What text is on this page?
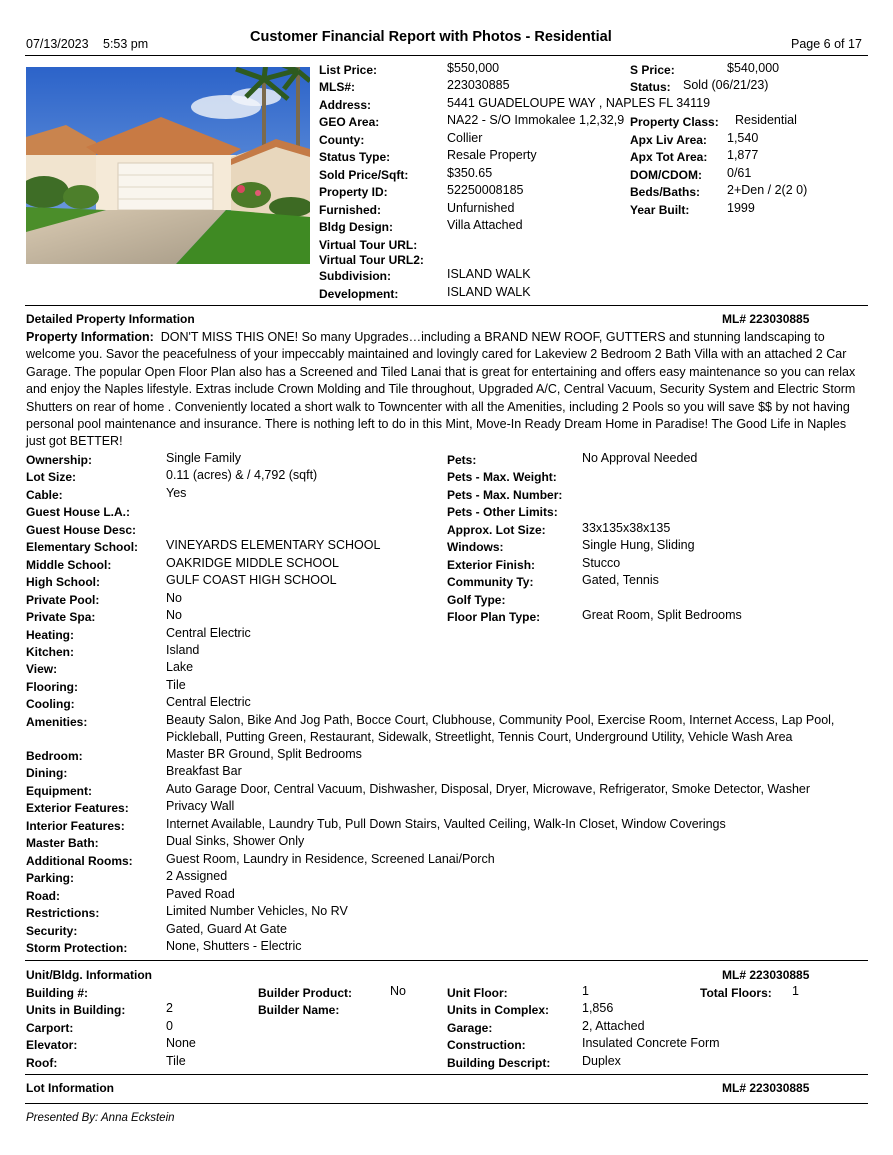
07/13/2023 5:53 pm	Customer Financial Report with Photos - Residential	Page 6 of 17
List Price:	$550,000
MLS#:	223030885
Address:	5441 GUADELOUPE WAY , NAPLES FL 34119
GEO Area:	NA22 - S/O Immokalee 1,2,32,9
County:	Collier
Status Type:	Resale Property
Sold Price/Sqft:	$350.65
Property ID:	52250008185
Furnished:	Unfurnished
Bldg Design:	Villa Attached
Virtual Tour URL:
Virtual Tour URL2:
Subdivision:	ISLAND WALK
Development:	ISLAND WALK
S Price:	$540,000
Status: Sold (06/21/23)
Property Class: Residential
Apx Liv Area: 1,540
Apx Tot Area: 1,877
DOM/CDOM: 0/61
Beds/Baths: 2+Den / 2(2 0)
Year Built:	1999
Detailed Property Information	ML# 223030885
Property Information: DON'T MISS THIS ONE! So many Upgrades…including a BRAND NEW ROOF, GUTTERS and stunning landscaping to welcome you. Savor the peacefulness of your impeccably maintained and lovingly cared for Lakeview 2 Bedroom 2 Bath Villa with an attached 2 Car Garage. The popular Open Floor Plan also has a Screened and Tiled Lanai that is great for entertaining and offers easy maintenance so you can relax and enjoy the Naples lifestyle. Extras include Crown Molding and Tile throughout, Upgraded A/C, Central Vacuum, Security System and Electric Storm Shutters on rear of home . Conveniently located a short walk to Towncenter with all the Amenities, including 2 Pools so you will save $$ by not having personal pool maintenance and insurance. There is nothing left to do in this Mint, Move-In Ready Dream Home in Paradise! The Good Life in Naples just got BETTER!
Ownership:	Single Family
Lot Size:	0.11 (acres) & / 4,792 (sqft)
Cable:	Yes
Guest House L.A.:
Guest House Desc:
Elementary School: VINEYARDS ELEMENTARY SCHOOL
Middle School:	OAKRIDGE MIDDLE SCHOOL
High School:	GULF COAST HIGH SCHOOL
Private Pool:	No
Private Spa:	No
Heating:	Central Electric
Kitchen:	Island
View:	Lake
Flooring:	Tile
Cooling:	Central Electric
Pets:	No Approval Needed
Pets - Max. Weight:
Pets - Max. Number:
Pets - Other Limits:
Approx. Lot Size:	33x135x38x135
Windows:	Single Hung, Sliding
Exterior Finish:	Stucco
Community Ty:	Gated, Tennis
Golf Type:
Floor Plan Type:	Great Room, Split Bedrooms
Amenities:	Beauty Salon, Bike And Jog Path, Bocce Court, Clubhouse, Community Pool, Exercise Room, Internet Access, Lap Pool, Pickleball, Putting Green, Restaurant, Sidewalk, Streetlight, Tennis Court, Underground Utility, Vehicle Wash Area
Bedroom:	Master BR Ground, Split Bedrooms
Dining:	Breakfast Bar
Equipment:	Auto Garage Door, Central Vacuum, Dishwasher, Disposal, Dryer, Microwave, Refrigerator, Smoke Detector, Washer
Exterior Features:	Privacy Wall
Interior Features:	Internet Available, Laundry Tub, Pull Down Stairs, Vaulted Ceiling, Walk-In Closet, Window Coverings
Master Bath:	Dual Sinks, Shower Only
Additional Rooms:	Guest Room, Laundry in Residence, Screened Lanai/Porch
Parking:	2 Assigned
Road:	Paved Road
Restrictions:	Limited Number Vehicles, No RV
Security:	Gated, Guard At Gate
Storm Protection:	None, Shutters - Electric
Unit/Bldg. Information	ML# 223030885
Building #:
Units in Building:	2
Carport:	0
Elevator:	None
Roof:	Tile
Builder Product:	No
Builder Name:
Unit Floor:	1
Units in Complex:	1,856
Garage:	2, Attached
Construction:	Insulated Concrete Form
Building Descript:	Duplex
Total Floors: 1
Lot Information	ML# 223030885
Presented By: Anna Eckstein
